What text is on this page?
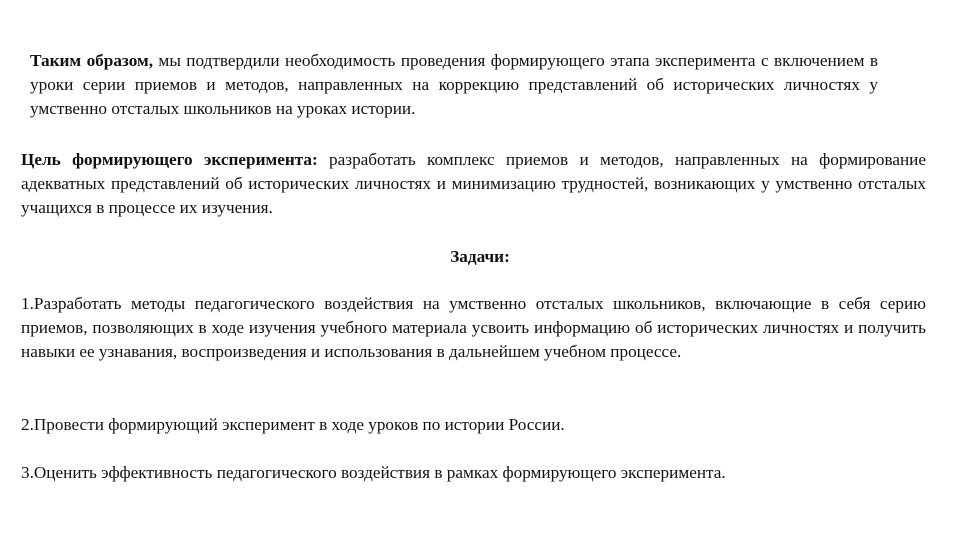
Таким образом, мы подтвердили необходимость проведения формирующего этапа эксперимента с включением в уроки серии приемов и методов, направленных на коррекцию представлений об исторических личностях у умственно отсталых школьников на уроках истории.

Цель формирующего эксперимента: разработать комплекс приемов и методов, направленных на формирование адекватных представлений об исторических личностях и минимизацию трудностей, возникающих у умственно отсталых учащихся в процессе их изучения.

Задачи:

1.Разработать методы педагогического воздействия на умственно отсталых школьников, включающие в себя серию приемов, позволяющих в ходе изучения учебного материала усвоить информацию об исторических личностях и получить навыки ее узнавания, воспроизведения и использования в дальнейшем учебном процессе.

2.Провести формирующий эксперимент в ходе уроков по истории России.

3.Оценить эффективность педагогического воздействия в рамках формирующего эксперимента.
